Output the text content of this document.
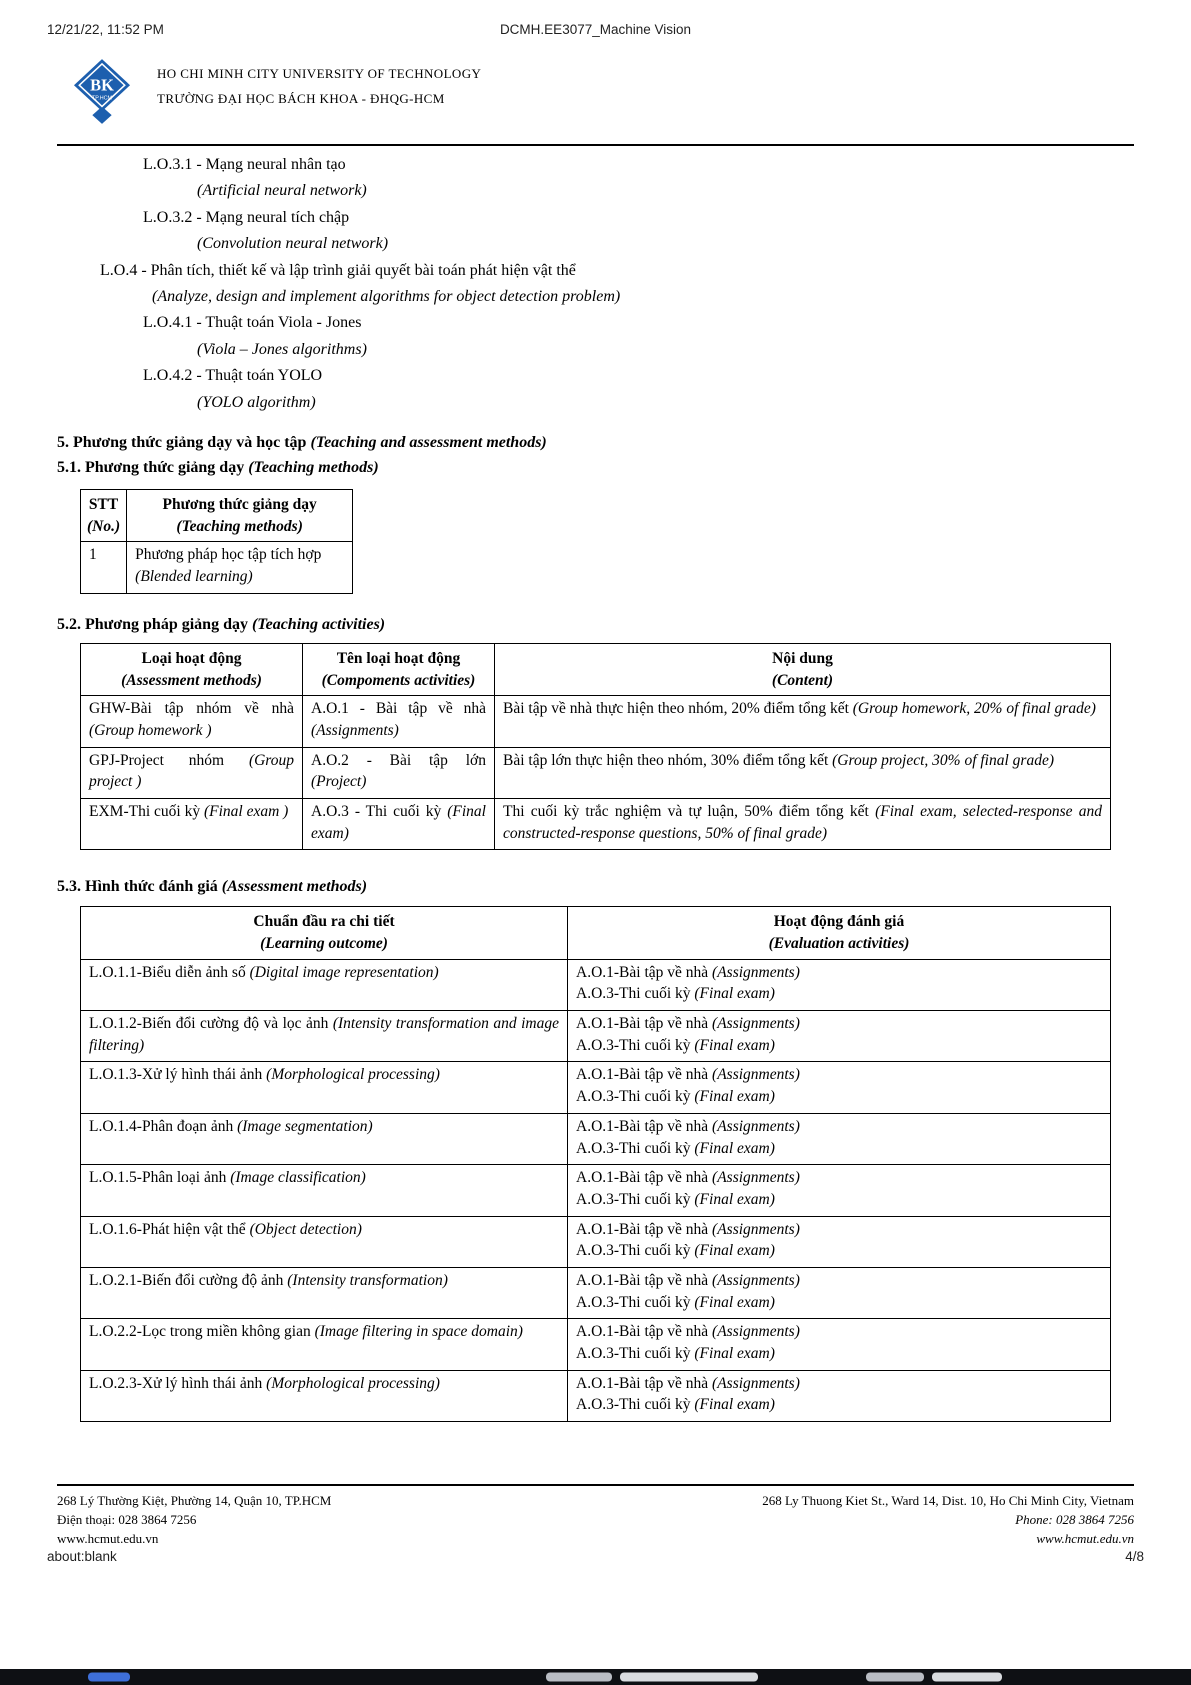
12/21/22, 11:52 PM	DCMH.EE3077_Machine Vision
BK
TP.HCM
HO CHI MINH CITY UNIVERSITY OF TECHNOLOGY
TRƯỜNG ĐẠI HỌC BÁCH KHOA - ĐHQG-HCM
L.O.3.1 - Mạng neural nhân tạo
(Artificial neural network)
L.O.3.2 - Mạng neural tích chập
(Convolution neural network)
L.O.4 - Phân tích, thiết kế và lập trình giải quyết bài toán phát hiện vật thể
(Analyze, design and implement algorithms for object detection problem)
L.O.4.1 - Thuật toán Viola - Jones
(Viola – Jones algorithms)
L.O.4.2 - Thuật toán YOLO
(YOLO algorithm)
5. Phương thức giảng dạy và học tập (Teaching and assessment methods)
5.1. Phương thức giảng dạy (Teaching methods)
STT
(No.)	Phương thức giảng dạy
(Teaching methods)

1	Phương pháp học tập tích hợp
(Blended learning)
5.2. Phương pháp giảng dạy (Teaching activities)
Loại hoạt động
(Assessment methods)	Tên loại hoạt động
(Compoments activities)	Nội dung
(Content)

GHW-Bài tập nhóm về nhà (Group homework )	A.O.1 - Bài tập về nhà (Assignments)	Bài tập về nhà thực hiện theo nhóm, 20% điểm tổng kết (Group homework, 20% of final grade)
GPJ-Project nhóm (Group project )	A.O.2 - Bài tập lớn (Project)	Bài tập lớn thực hiện theo nhóm, 30% điểm tổng kết (Group project, 30% of final grade)
EXM-Thi cuối kỳ (Final exam )	A.O.3 - Thi cuối kỳ (Final exam)	Thi cuối kỳ trắc nghiệm và tự luận, 50% điểm tổng kết (Final exam, selected-response and constructed-response questions, 50% of final grade)
5.3. Hình thức đánh giá (Assessment methods)
Chuẩn đầu ra chi tiết
(Learning outcome)	Hoạt động đánh giá
(Evaluation activities)

L.O.1.1-Biểu diễn ảnh số (Digital image representation)	A.O.1-Bài tập về nhà (Assignments)
A.O.3-Thi cuối kỳ (Final exam)

L.O.1.2-Biến đổi cường độ và lọc ảnh (Intensity transformation and image filtering)	A.O.1-Bài tập về nhà (Assignments)
A.O.3-Thi cuối kỳ (Final exam)

L.O.1.3-Xử lý hình thái ảnh (Morphological processing)	A.O.1-Bài tập về nhà (Assignments)
A.O.3-Thi cuối kỳ (Final exam)

L.O.1.4-Phân đoạn ảnh (Image segmentation)	A.O.1-Bài tập về nhà (Assignments)
A.O.3-Thi cuối kỳ (Final exam)

L.O.1.5-Phân loại ảnh (Image classification)	A.O.1-Bài tập về nhà (Assignments)
A.O.3-Thi cuối kỳ (Final exam)

L.O.1.6-Phát hiện vật thể (Object detection)	A.O.1-Bài tập về nhà (Assignments)
A.O.3-Thi cuối kỳ (Final exam)

L.O.2.1-Biến đổi cường độ ảnh (Intensity transformation)	A.O.1-Bài tập về nhà (Assignments)
A.O.3-Thi cuối kỳ (Final exam)

L.O.2.2-Lọc trong miền không gian (Image filtering in space domain)	A.O.1-Bài tập về nhà (Assignments)
A.O.3-Thi cuối kỳ (Final exam)

L.O.2.3-Xử lý hình thái ảnh (Morphological processing)	A.O.1-Bài tập về nhà (Assignments)
A.O.3-Thi cuối kỳ (Final exam)
268 Lý Thường Kiệt, Phường 14, Quận 10, TP.HCM
Điện thoại: 028 3864 7256
www.hcmut.edu.vn
268 Ly Thuong Kiet St., Ward 14, Dist. 10, Ho Chi Minh City, Vietnam
Phone: 028 3864 7256
www.hcmut.edu.vn
about:blank	4/8
